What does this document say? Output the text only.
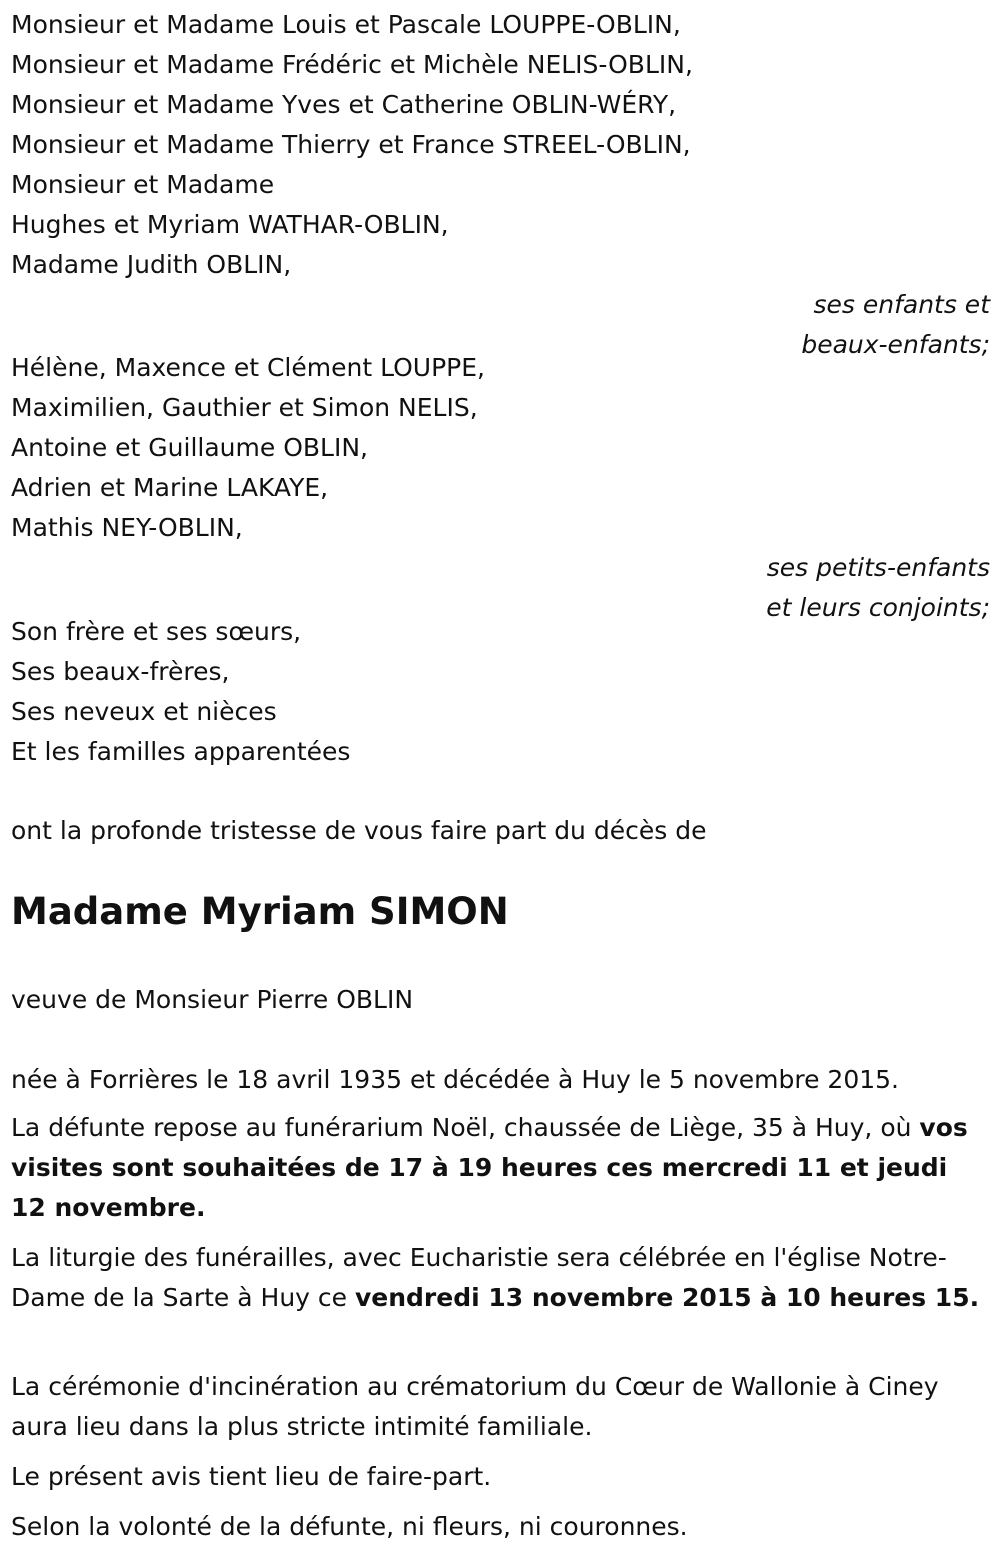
Monsieur et Madame Louis et Pascale LOUPPE-OBLIN,
Monsieur et Madame Frédéric et Michèle NELIS-OBLIN,
Monsieur et Madame Yves et Catherine OBLIN-WÉRY,
Monsieur et Madame Thierry et France STREEL-OBLIN,
Monsieur et Madame
Hughes et Myriam WATHAR-OBLIN,
Madame Judith OBLIN,
ses enfants et
beaux-enfants;
Hélène, Maxence et Clément LOUPPE,
Maximilien, Gauthier et Simon NELIS,
Antoine et Guillaume OBLIN,
Adrien et Marine LAKAYE,
Mathis NEY-OBLIN,
ses petits-enfants
et leurs conjoints;
Son frère et ses sœurs,
Ses beaux-frères,
Ses neveux et nièces
Et les familles apparentées
ont la profonde tristesse de vous faire part du décès de
Madame Myriam SIMON
veuve de Monsieur Pierre OBLIN
née à Forrières le 18 avril 1935 et décédée à Huy le 5 novembre 2015.
La défunte repose au funérarium Noël, chaussée de Liège, 35 à Huy, où vos visites sont souhaitées de 17 à 19 heures ces mercredi 11 et jeudi 12 novembre.
La liturgie des funérailles, avec Eucharistie sera célébrée en l'église Notre-Dame de la Sarte à Huy ce vendredi 13 novembre 2015 à 10 heures 15.
La cérémonie d'incinération au crématorium du Cœur de Wallonie à Ciney aura lieu dans la plus stricte intimité familiale.
Le présent avis tient lieu de faire-part.
Selon la volonté de la défunte, ni fleurs, ni couronnes.
